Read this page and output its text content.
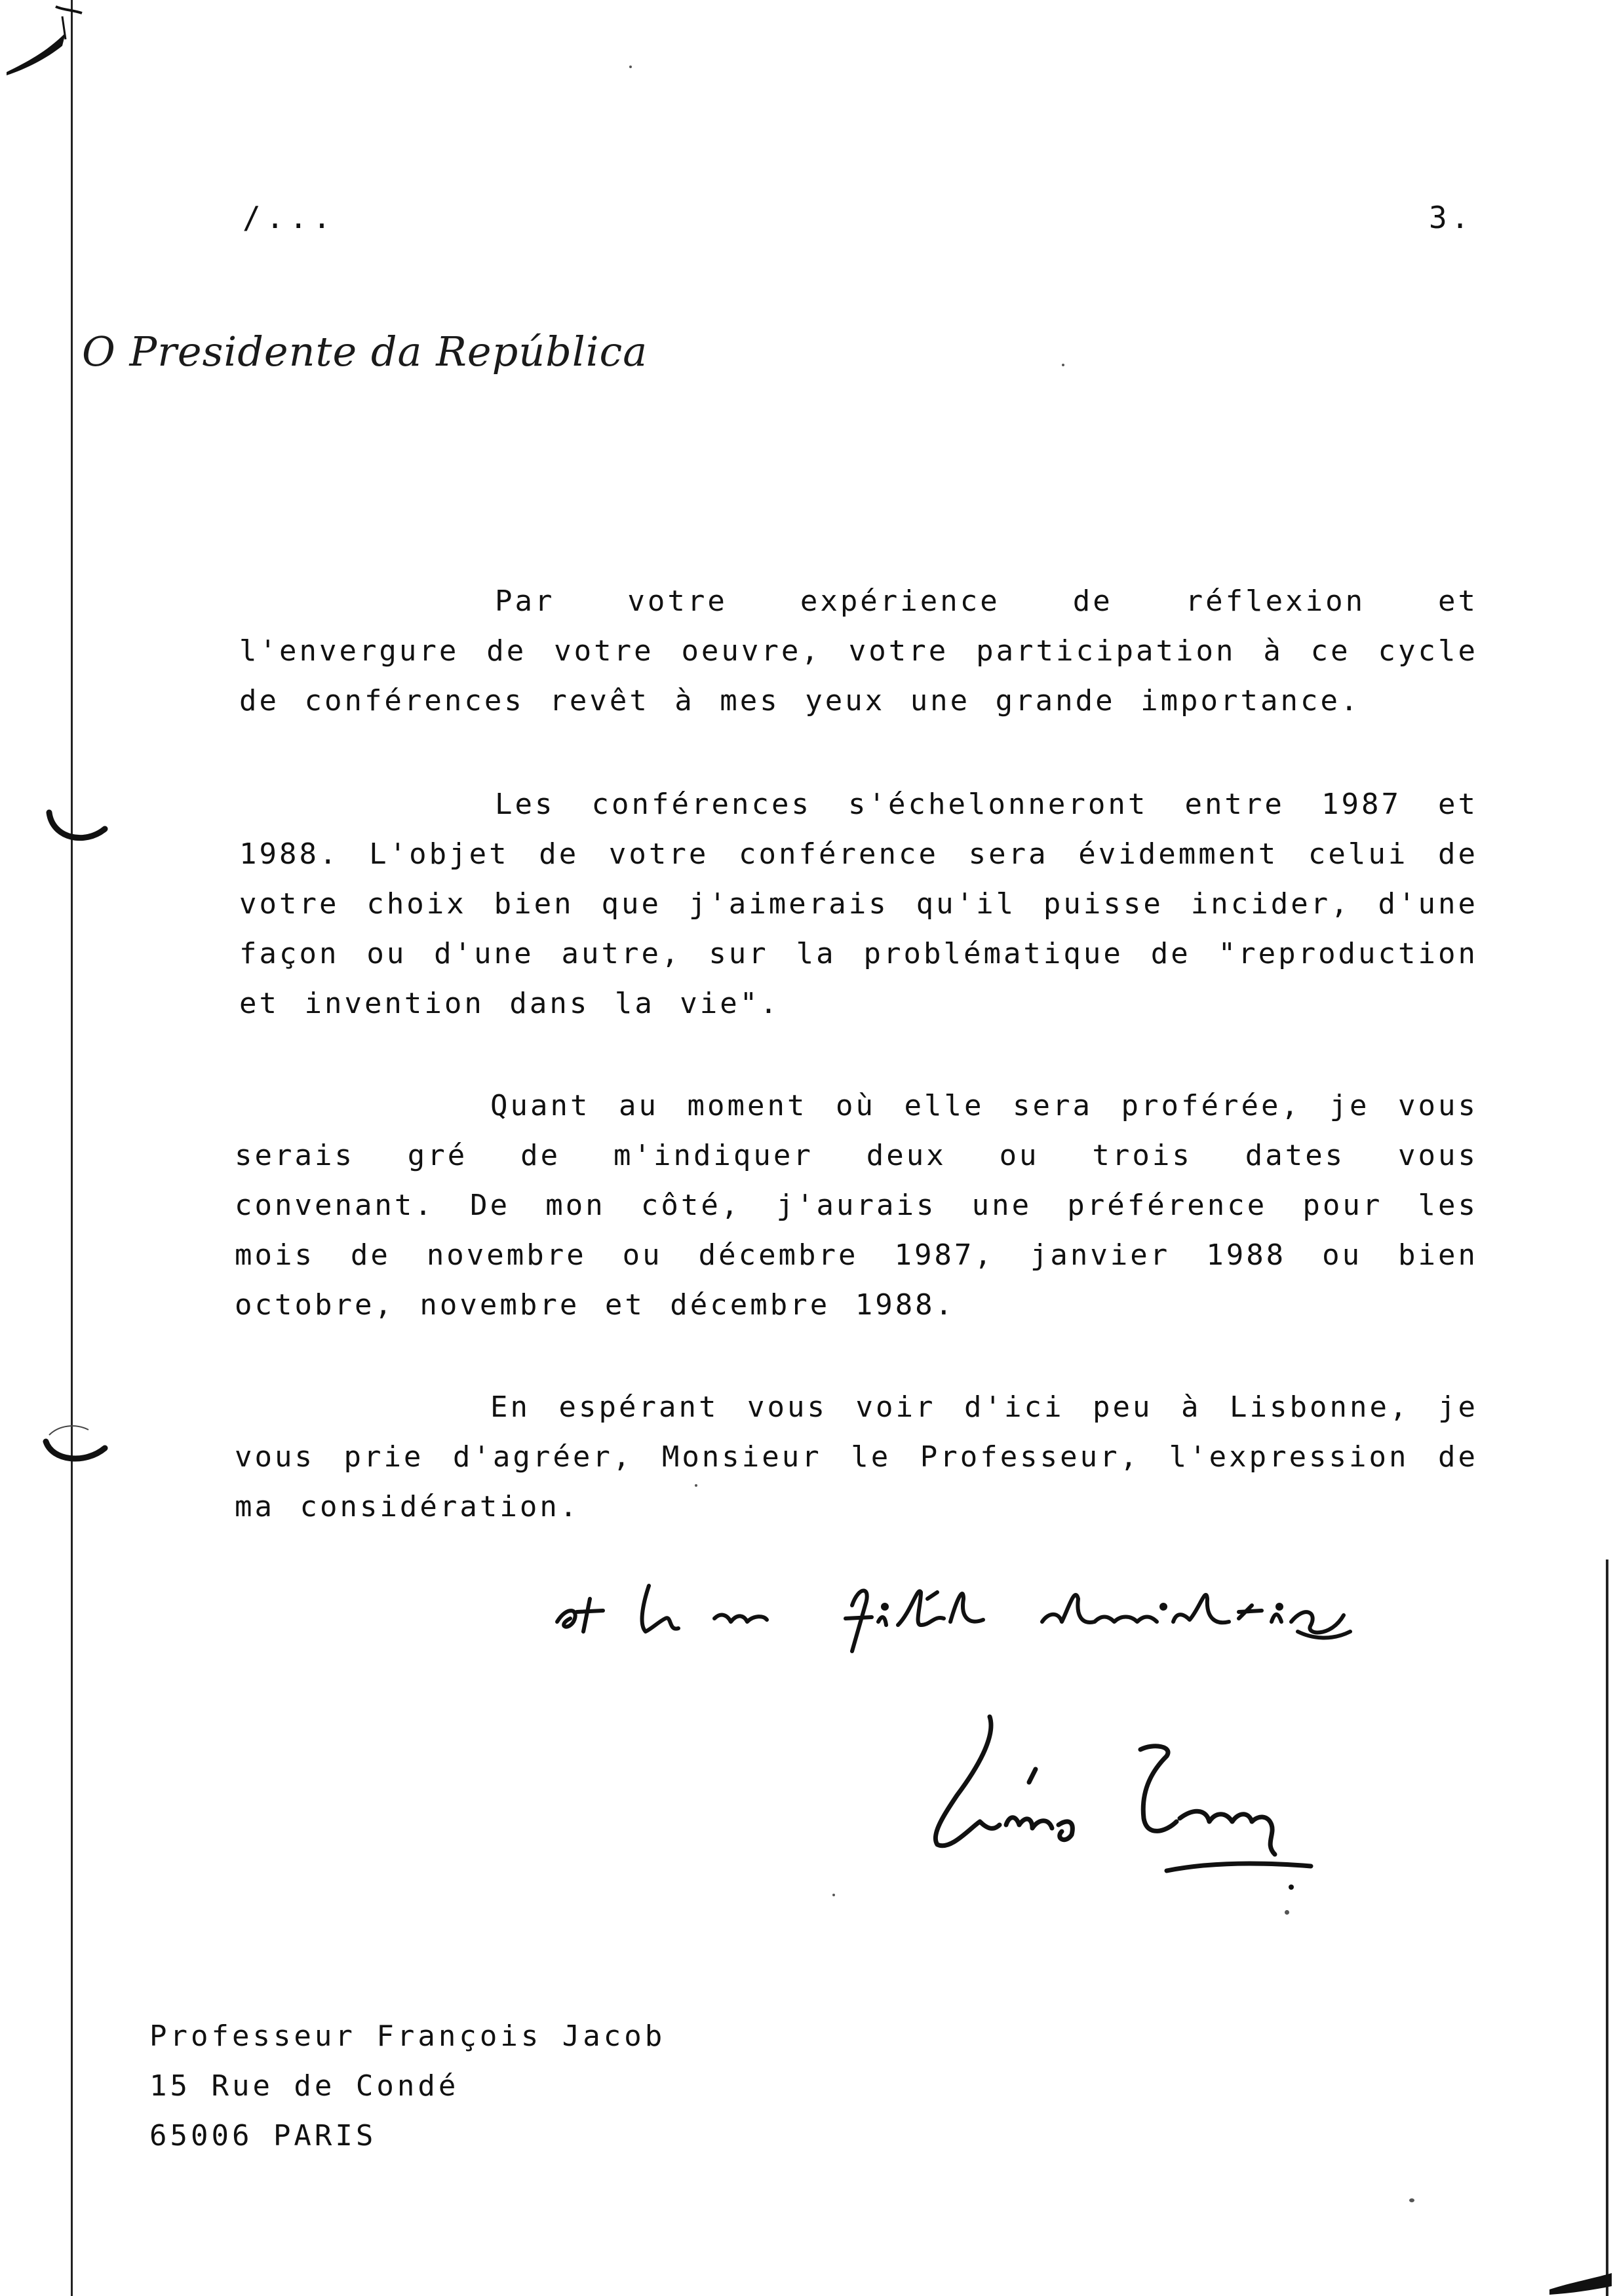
/...	3.
O Presidente da República

Par votre expérience de réflexion et l'envergure de votre oeuvre, votre participation à ce cycle de conférences revêt à mes yeux une grande importance.

Les conférences s'échelonneront entre 1987 et 1988. L'objet de votre conférence sera évidemment celui de votre choix bien que j'aimerais qu'il puisse incider, d'une façon ou d'une autre, sur la problématique de "reproduction et invention dans la vie".

Quant au moment où elle sera proférée, je vous serais gré de m'indiquer deux ou trois dates vous convenant. De mon côté, j'aurais une préférence pour les mois de novembre ou décembre 1987, janvier 1988 ou bien octobre, novembre et décembre 1988.

En espérant vous voir d'ici peu à Lisbonne, je vous prie d'agréer, Monsieur le Professeur, l'expression de ma considération.

Professeur François Jacob
15 Rue de Condé
65006 PARIS
